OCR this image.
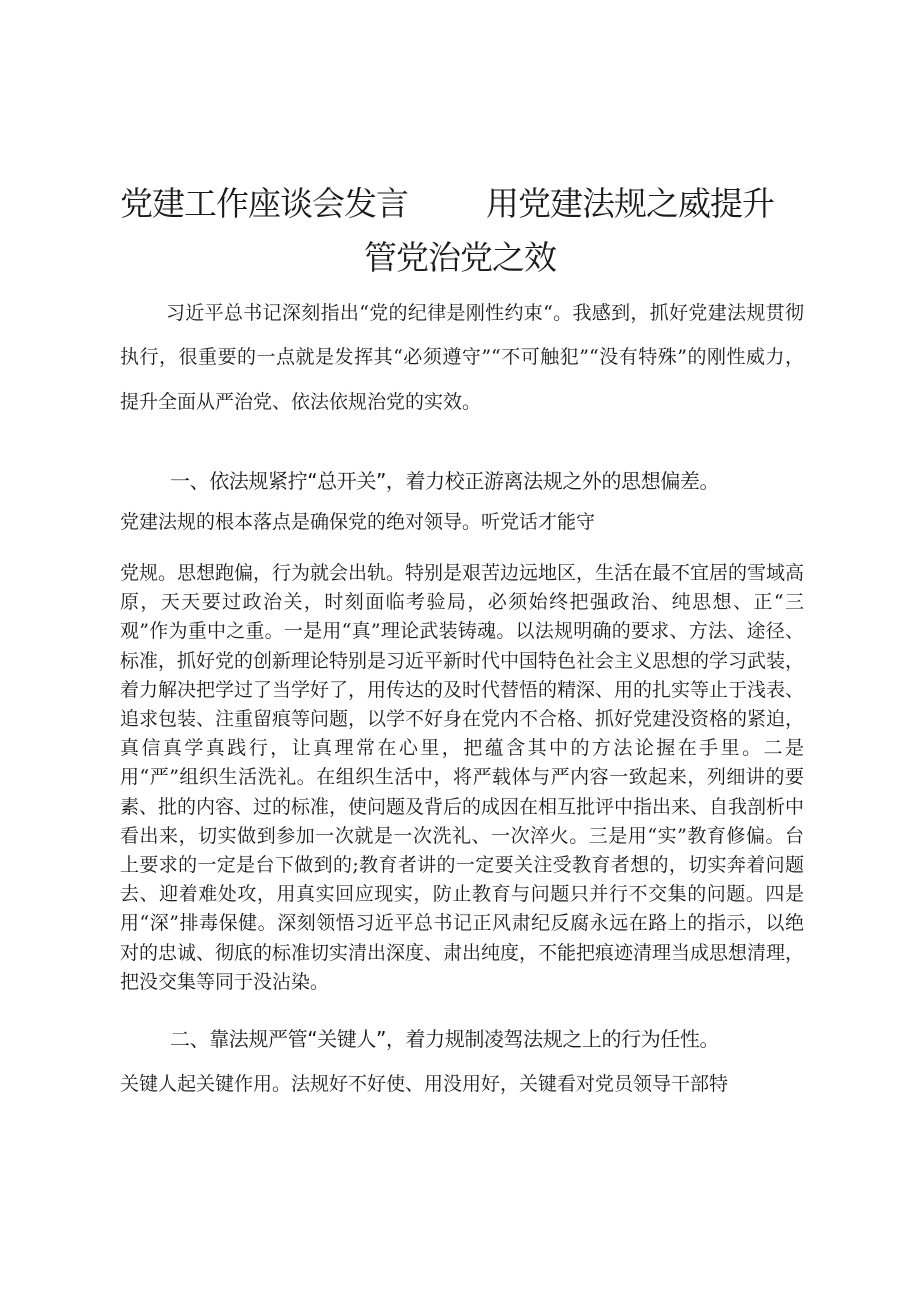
党建工作座谈会发言 用党建法规之威提升
管党治党之效
习近平总书记深刻指出“党的纪律是刚性约束“。我感到，抓好党建法规贯彻执行，很重要的一点就是发挥其“必须遵守”“不可触犯”“没有特殊”的刚性威力，提升全面从严治党、依法依规治党的实效。
一、依法规紧拧“总开关”，着力校正游离法规之外的思想偏差。
党建法规的根本落点是确保党的绝对领导。听党话才能守
党规。思想跑偏，行为就会出轨。特别是艰苦边远地区，生活在最不宜居的雪域高原，天天要过政治关，时刻面临考验局，必须始终把强政治、纯思想、正“三观”作为重中之重。一是用“真”理论武装铸魂。以法规明确的要求、方法、途径、标准，抓好党的创新理论特别是习近平新时代中国特色社会主义思想的学习武装，着力解决把学过了当学好了，用传达的及时代替悟的精深、用的扎实等止于浅表、追求包装、注重留痕等问题，以学不好身在党内不合格、抓好党建没资格的紧迫，真信真学真践行，让真理常在心里，把蕴含其中的方法论握在手里。二是用“严”组织生活洗礼。在组织生活中，将严载体与严内容一致起来，列细讲的要素、批的内容、过的标准，使问题及背后的成因在相互批评中指出来、自我剖析中看出来，切实做到参加一次就是一次洗礼、一次淬火。三是用“实”教育修偏。台上要求的一定是台下做到的;教育者讲的一定要关注受教育者想的，切实奔着问题去、迎着难处攻，用真实回应现实，防止教育与问题只并行不交集的问题。四是用“深”排毒保健。深刻领悟习近平总书记正风肃纪反腐永远在路上的指示，以绝对的忠诚、彻底的标准切实清出深度、肃出纯度，不能把痕迹清理当成思想清理，把没交集等同于没沾染。
二、靠法规严管“关键人”，着力规制凌驾法规之上的行为任性。
关键人起关键作用。法规好不好使、用没用好，关键看对党员领导干部特
